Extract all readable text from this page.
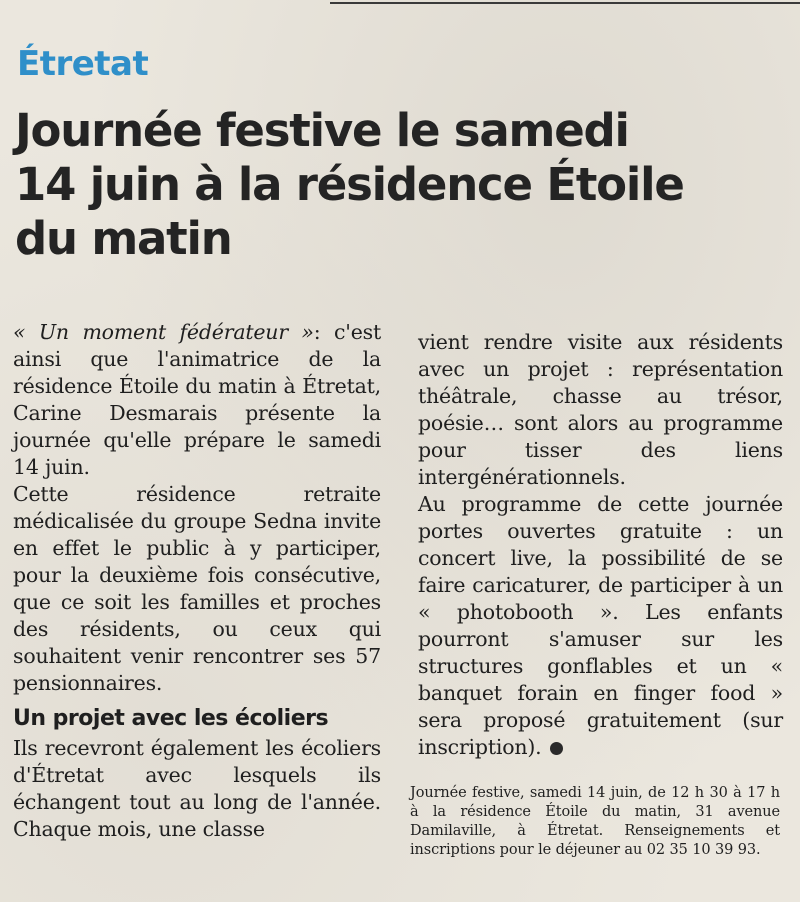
Étretat
Journée festive le samedi
14 juin à la résidence Étoile
du matin

« Un moment fédérateur »: c'est ainsi que l'animatrice de la résidence Étoile du matin à Étretat, Carine Desmarais présente la journée qu'elle prépare le samedi 14 juin.

Cette résidence retraite médicalisée du groupe Sedna invite en effet le public à y participer, pour la deuxième fois consécutive, que ce soit les familles et proches des résidents, ou ceux qui souhaitent venir rencontrer ses 57 pensionnaires.

Un projet avec les écoliers

Ils recevront également les écoliers d'Étretat avec lesquels ils échangent tout au long de l'année. Chaque mois, une classe

vient rendre visite aux résidents avec un projet : représentation théâtrale, chasse au trésor, poésie… sont alors au programme pour tisser des liens intergénérationnels.

Au programme de cette journée portes ouvertes gratuite : un concert live, la possibilité de se faire caricaturer, de participer à un « photobooth ». Les enfants pourront s'amuser sur les structures gonflables et un « banquet forain en finger food » sera proposé gratuitement (sur inscription).

Journée festive, samedi 14 juin, de 12 h 30 à 17 h à la résidence Étoile du matin, 31 avenue Damilaville, à Étretat. Renseignements et inscriptions pour le déjeuner au 02 35 10 39 93.
